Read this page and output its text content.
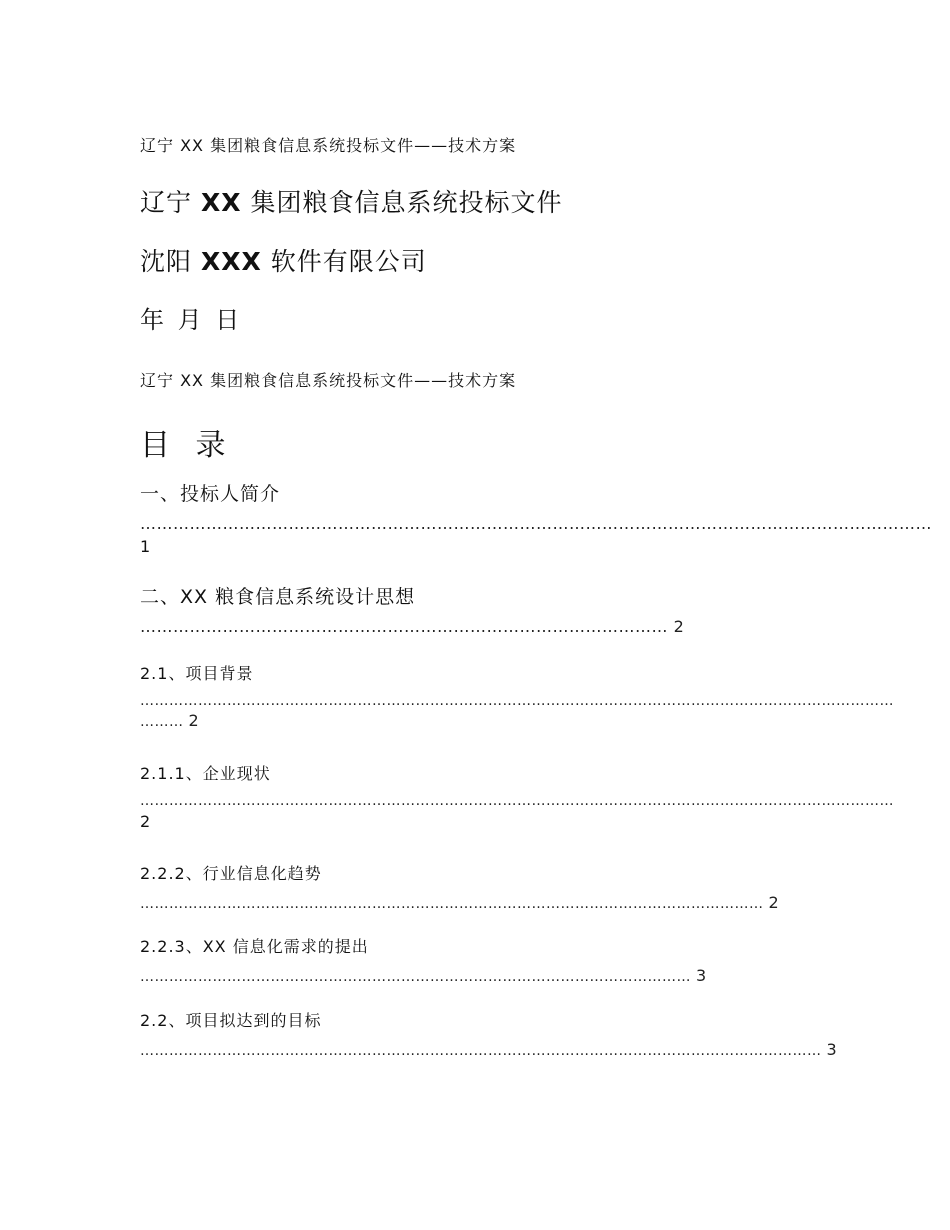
辽宁 XX 集团粮食信息系统投标文件——技术方案
辽宁 XX 集团粮食信息系统投标文件
沈阳 XXX 软件有限公司
年 月 日
辽宁 XX 集团粮食信息系统投标文件——技术方案
目 录
一、投标人简介
………………………………………………………………………………………………………………………………
1
二、XX 粮食信息系统设计思想
…………………………………………………………………………………… 2
2.1、项目背景
…………………………………………………………………………………………………………………………………………
……… 2
2.1.1、企业现状
…………………………………………………………………………………………………………………………………………
2
2.2.2、行业信息化趋势
………………………………………………………………………………………………………………… 2
2.2.3、XX 信息化需求的提出
…………………………………………………………………………………………………… 3
2.2、项目拟达到的目标
…………………………………………………………………………………………………………………………… 3
